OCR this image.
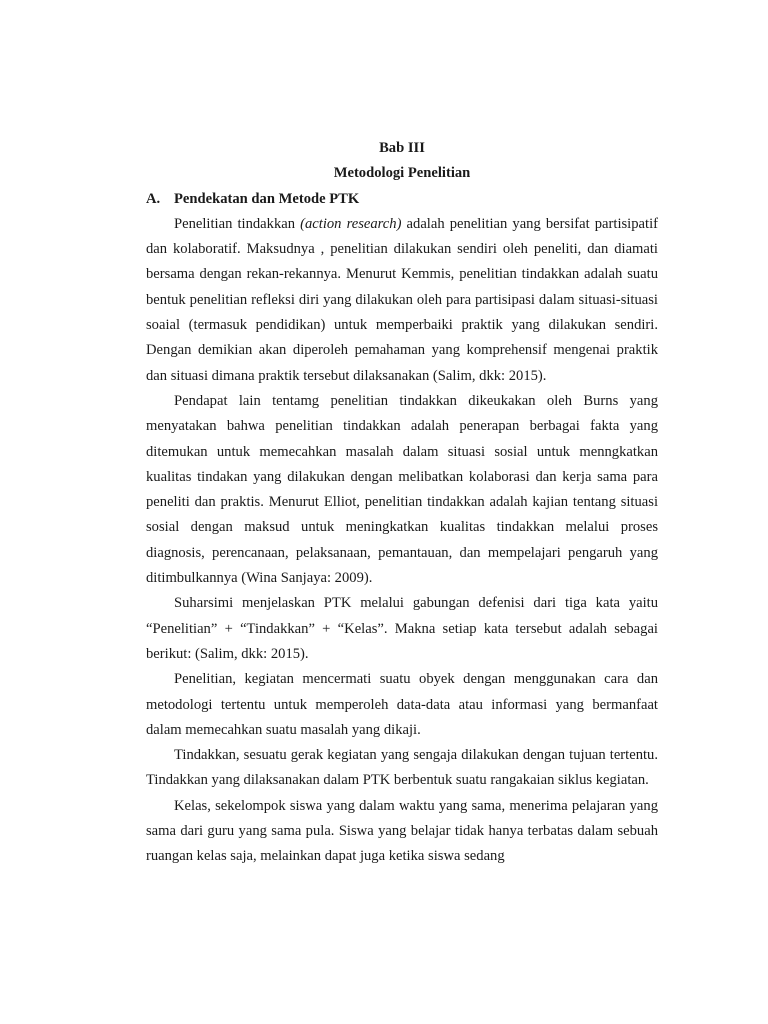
Bab III

Metodologi Penelitian

A. Pendekatan dan Metode PTK

Penelitian tindakkan (action research) adalah penelitian yang bersifat partisipatif dan kolaboratif. Maksudnya , penelitian dilakukan sendiri oleh peneliti, dan diamati bersama dengan rekan-rekannya. Menurut Kemmis, penelitian tindakkan adalah suatu bentuk penelitian refleksi diri yang dilakukan oleh para partisipasi dalam situasi-situasi soaial (termasuk pendidikan) untuk memperbaiki praktik yang dilakukan sendiri. Dengan demikian akan diperoleh pemahaman yang komprehensif mengenai praktik dan situasi dimana praktik tersebut dilaksanakan (Salim, dkk: 2015).

Pendapat lain tentamg penelitian tindakkan dikeukakan oleh Burns yang menyatakan bahwa penelitian tindakkan adalah penerapan berbagai fakta yang ditemukan untuk memecahkan masalah dalam situasi sosial untuk menngkatkan kualitas tindakan yang dilakukan dengan melibatkan kolaborasi dan kerja sama para peneliti dan praktis. Menurut Elliot, penelitian tindakkan adalah kajian tentang situasi sosial dengan maksud untuk meningkatkan kualitas tindakkan melalui proses diagnosis, perencanaan, pelaksanaan, pemantauan, dan mempelajari pengaruh yang ditimbulkannya (Wina Sanjaya: 2009).

Suharsimi menjelaskan PTK melalui gabungan defenisi dari tiga kata yaitu “Penelitian” + “Tindakkan” + “Kelas”. Makna setiap kata tersebut adalah sebagai berikut: (Salim, dkk: 2015).

Penelitian, kegiatan mencermati suatu obyek dengan menggunakan cara dan metodologi tertentu untuk memperoleh data-data atau informasi yang bermanfaat dalam memecahkan suatu masalah yang dikaji.

Tindakkan, sesuatu gerak kegiatan yang sengaja dilakukan dengan tujuan tertentu. Tindakkan yang dilaksanakan dalam PTK berbentuk suatu rangakaian siklus kegiatan.

Kelas, sekelompok siswa yang dalam waktu yang sama, menerima pelajaran yang sama dari guru yang sama pula. Siswa yang belajar tidak hanya terbatas dalam sebuah ruangan kelas saja, melainkan dapat juga ketika siswa sedang
